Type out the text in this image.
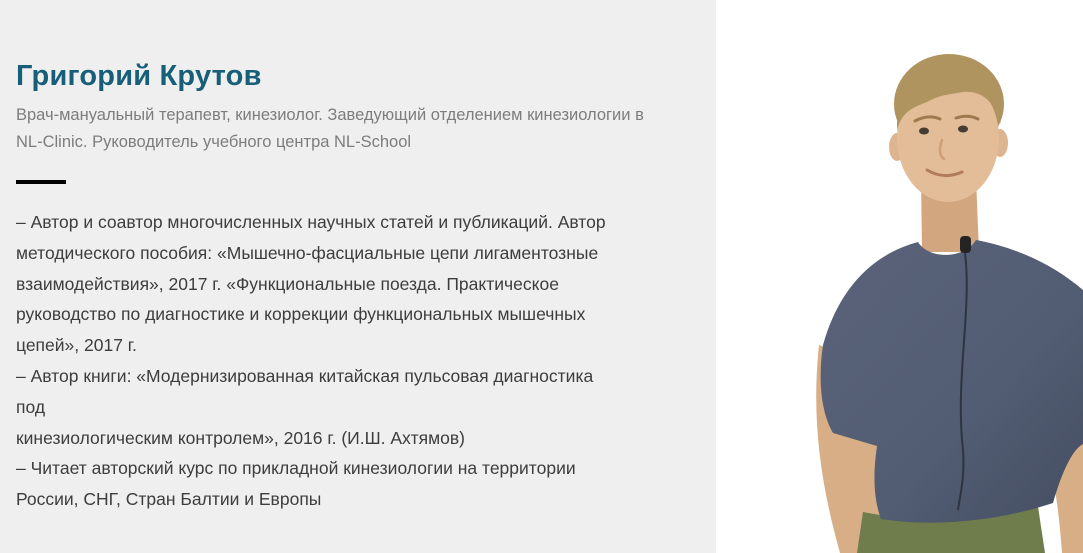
Григорий Крутов
Врач-мануальный терапевт, кинезиолог. Заведующий отделением кинезиологии в
NL-Clinic. Руководитель учебного центра NL-School
– Автор и соавтор многочисленных научных статей и публикаций. Автор
методического пособия: «Мышечно-фасциальные цепи лигаментозные
взаимодействия», 2017 г. «Функциональные поезда. Практическое
руководство по диагностике и коррекции функциональных мышечных
цепей», 2017 г.
– Автор книги: «Модернизированная китайская пульсовая диагностика
под
кинезиологическим контролем», 2016 г. (И.Ш. Ахтямов)
– Читает авторский курс по прикладной кинезиологии на территории
России, СНГ, Стран Балтии и Европы
